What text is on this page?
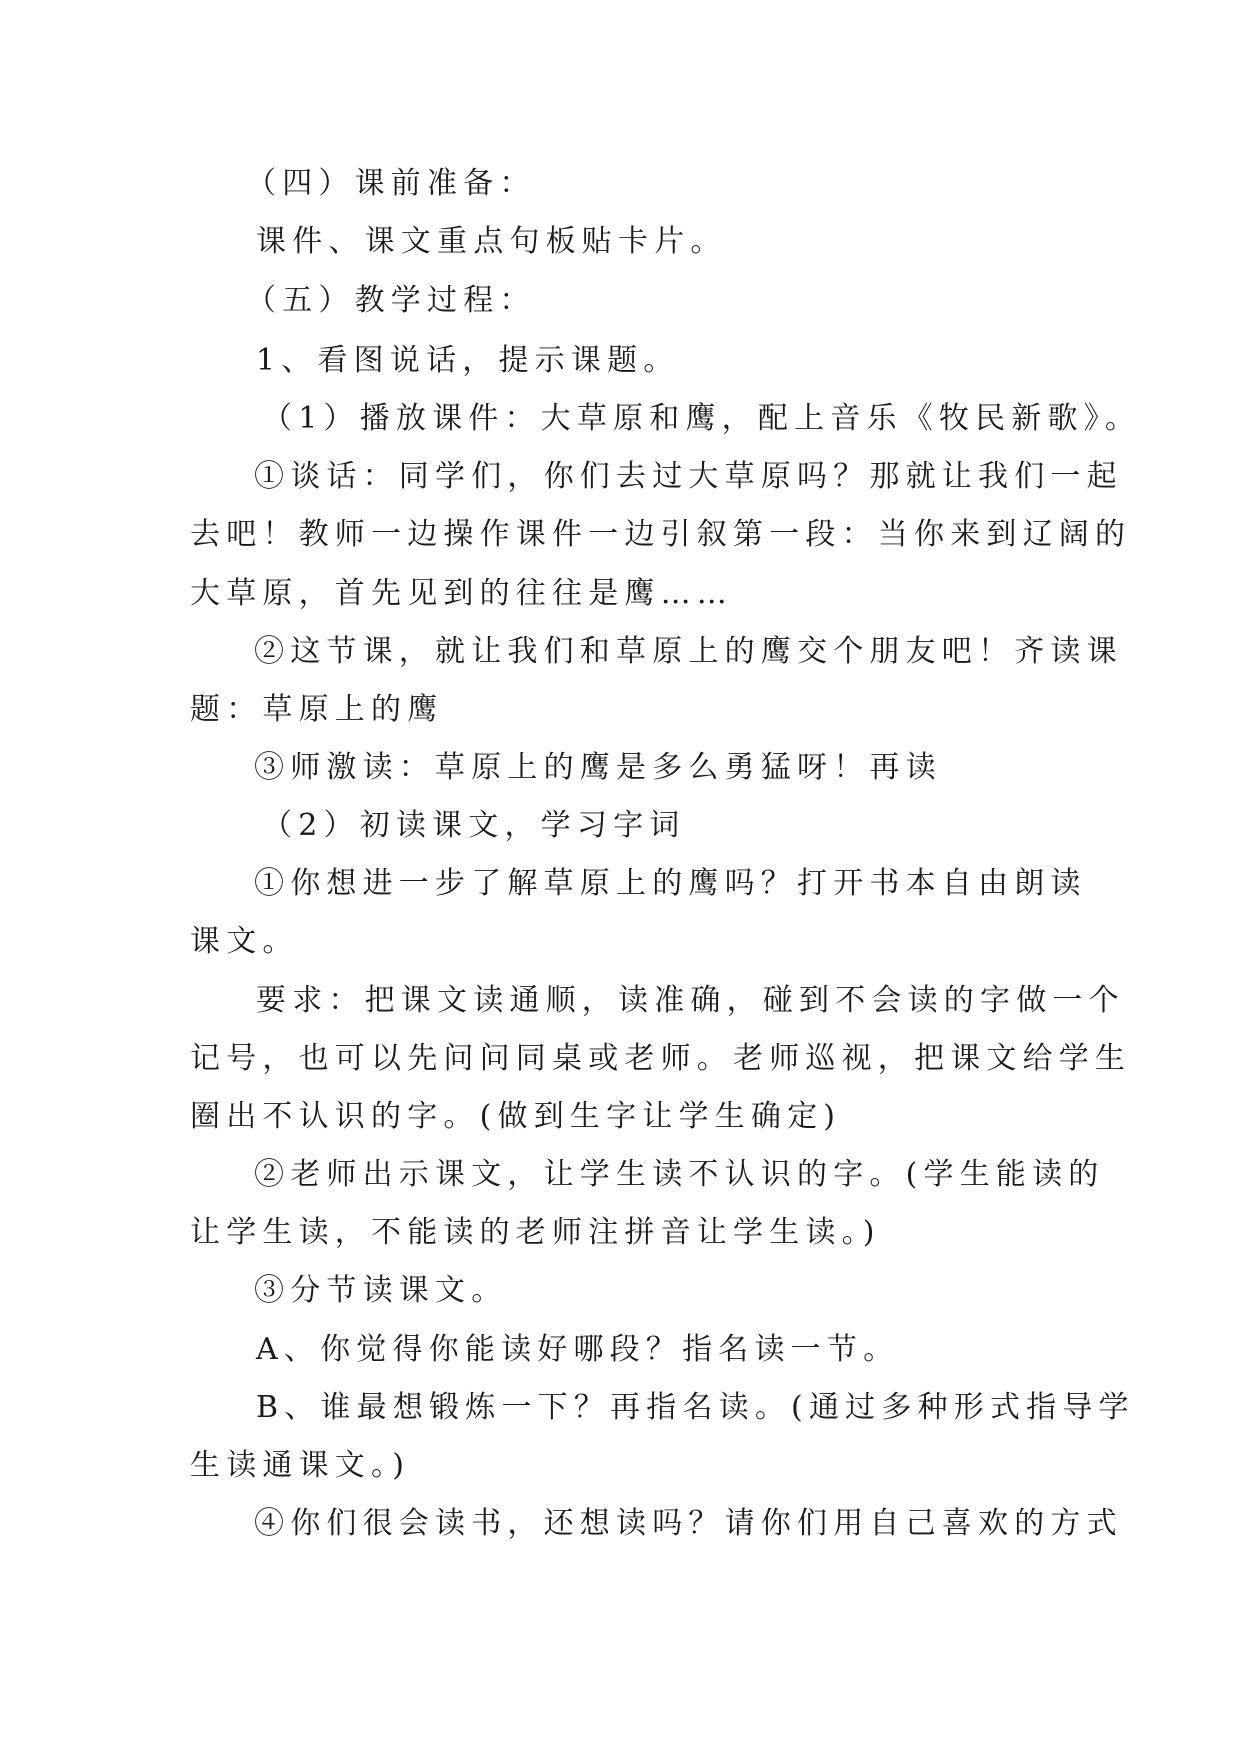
（四）课前准备：
课件、课文重点句板贴卡片。
（五）教学过程：
1、看图说话，提示课题。
（1）播放课件：大草原和鹰，配上音乐《牧民新歌》。
①谈话：同学们，你们去过大草原吗？那就让我们一起
去吧！教师一边操作课件一边引叙第一段：当你来到辽阔的
大草原，首先见到的往往是鹰……
②这节课，就让我们和草原上的鹰交个朋友吧！齐读课
题：草原上的鹰
③师激读：草原上的鹰是多么勇猛呀！再读
（2）初读课文，学习字词
①你想进一步了解草原上的鹰吗？打开书本自由朗读
课文。
要求：把课文读通顺，读准确，碰到不会读的字做一个
记号，也可以先问问同桌或老师。老师巡视，把课文给学生
圈出不认识的字。(做到生字让学生确定)
②老师出示课文，让学生读不认识的字。(学生能读的
让学生读，不能读的老师注拼音让学生读。)
③分节读课文。
A、你觉得你能读好哪段？指名读一节。
B、谁最想锻炼一下？再指名读。(通过多种形式指导学
生读通课文。)
④你们很会读书，还想读吗？请你们用自己喜欢的方式
